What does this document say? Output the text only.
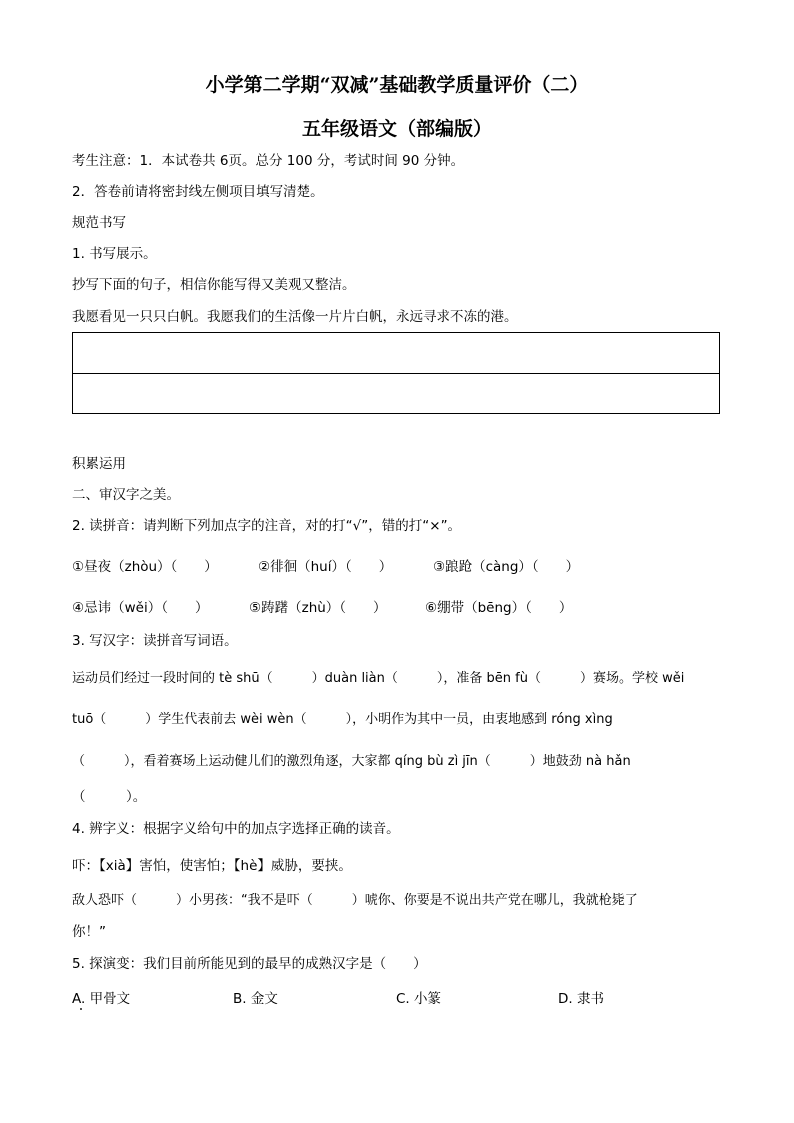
小学第二学期“双减”基础教学质量评价（二）
五年级语文（部编版）
考生注意：1．本试卷共 6页。总分 100 分，考试时间 90 分钟。
2．答卷前请将密封线左侧项目填写清楚。
规范书写
1. 书写展示。
抄写下面的句子，相信你能写得又美观又整洁。
我愿看见一只只白帆。我愿我们的生活像一片片白帆，永远寻求不冻的港。
积累运用
二、审汉字之美。
2. 读拼音：请判断下列加点字的注音，对的打“√”，错的打“×”。
①昼夜（zhòu）（　　）	②徘徊（huí）（　　）	③踉跄（càng）（　　）
④忌讳（wěi）（　　）	⑤踌躇（zhù）（　　）	⑥绷带（bēng）（　　）
3. 写汉字：读拼音写词语。
运动员们经过一段时间的 tè shū（　　　）duàn liàn（　　　），准备 bēn fù（　　　）赛场。学校 wěi
tuō（　　　）学生代表前去 wèi wèn（　　　），小明作为其中一员，由衷地感到 róng xìng
（　　　），看着赛场上运动健儿们的激烈角逐，大家都 qíng bù zì jīn（　　　）地鼓劲 nà hǎn
（　　　）。
4. 辨字义：根据字义给句中的加点字选择正确的读音。
吓：【xià】害怕，使害怕；【hè】威胁，要挟。
敌人恐吓（　　　）小男孩：“我不是吓（　　　）唬你、你要是不说出共产党在哪儿，我就枪毙了
你！”
5. 探演变：我们目前所能见到的最早的成熟汉字是（　　）
A. 甲骨文	B. 金文	C. 小篆	D. 隶书
